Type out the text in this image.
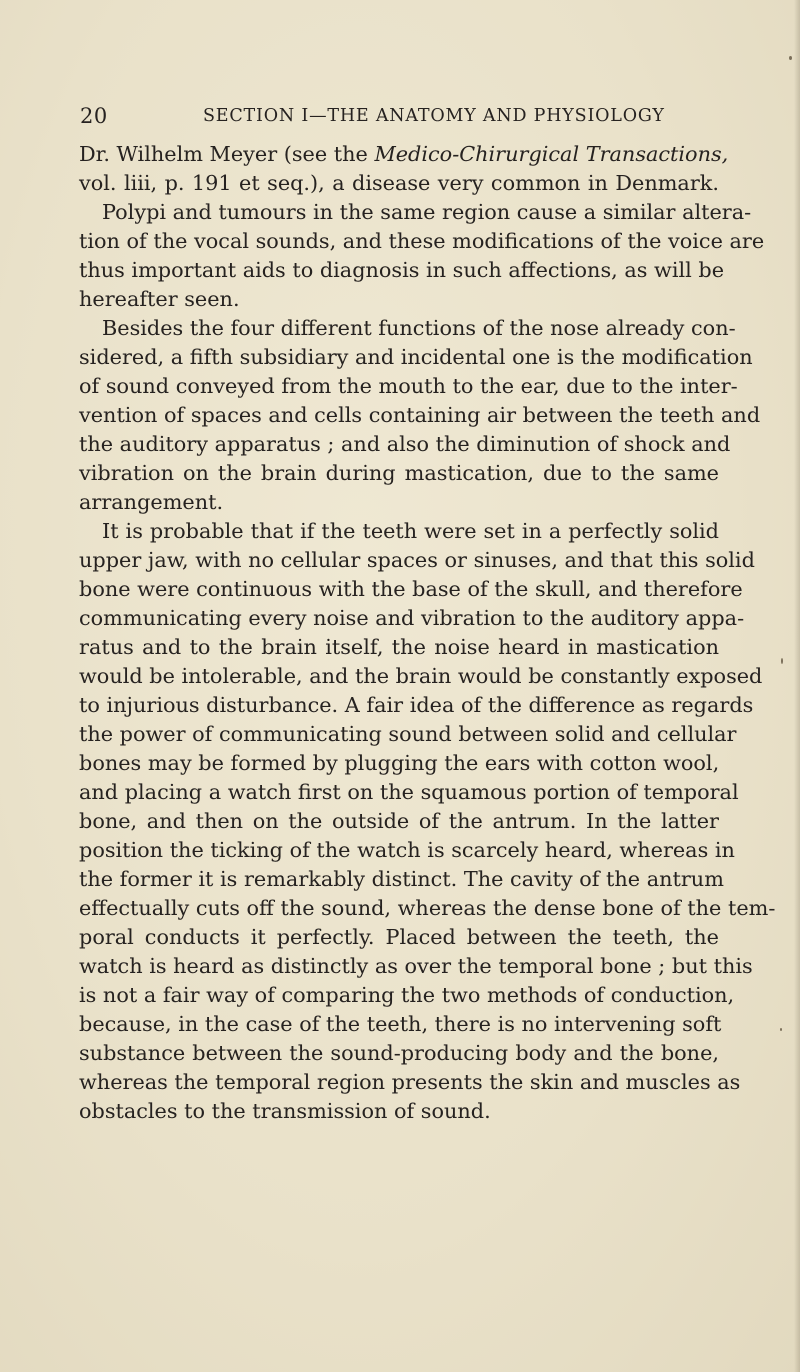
20	SECTION I—THE ANATOMY AND PHYSIOLOGY
Dr. Wilhelm Meyer (see the Medico-Chirurgical Transactions,
vol. liii, p. 191 et seq.), a disease very common in Denmark.
Polypi and tumours in the same region cause a similar altera-
tion of the vocal sounds, and these modifications of the voice are
thus important aids to diagnosis in such affections, as will be
hereafter seen.
Besides the four different functions of the nose already con-
sidered, a fifth subsidiary and incidental one is the modification
of sound conveyed from the mouth to the ear, due to the inter-
vention of spaces and cells containing air between the teeth and
the auditory apparatus ; and also the diminution of shock and
vibration on the brain during mastication, due to the same
arrangement.
It is probable that if the teeth were set in a perfectly solid
upper jaw, with no cellular spaces or sinuses, and that this solid
bone were continuous with the base of the skull, and therefore
communicating every noise and vibration to the auditory appa-
ratus and to the brain itself, the noise heard in mastication
would be intolerable, and the brain would be constantly exposed
to injurious disturbance. A fair idea of the difference as regards
the power of communicating sound between solid and cellular
bones may be formed by plugging the ears with cotton wool,
and placing a watch first on the squamous portion of temporal
bone, and then on the outside of the antrum. In the latter
position the ticking of the watch is scarcely heard, whereas in
the former it is remarkably distinct. The cavity of the antrum
effectually cuts off the sound, whereas the dense bone of the tem-
poral conducts it perfectly. Placed between the teeth, the
watch is heard as distinctly as over the temporal bone ; but this
is not a fair way of comparing the two methods of conduction,
because, in the case of the teeth, there is no intervening soft
substance between the sound-producing body and the bone,
whereas the temporal region presents the skin and muscles as
obstacles to the transmission of sound.
